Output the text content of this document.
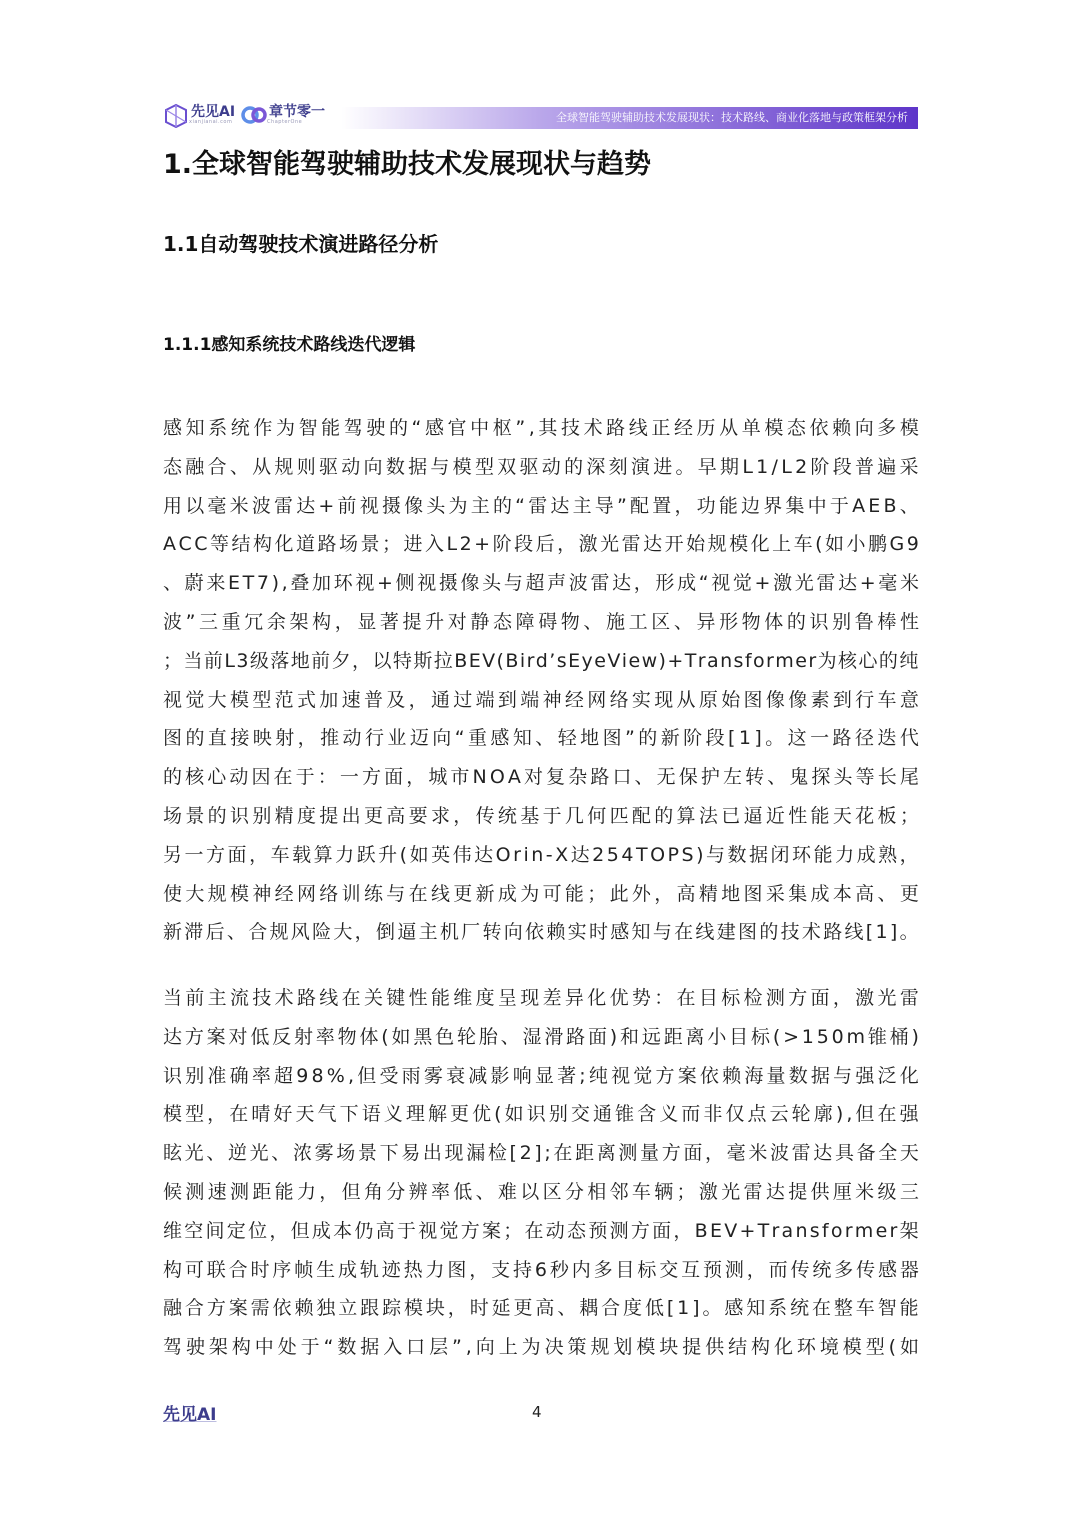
先见AI
xianjianai.com
章节零一
ChapterOne	全球智能驾驶辅助技术发展现状：技术路线、商业化落地与政策框架分析
1.全球智能驾驶辅助技术发展现状与趋势
1.1自动驾驶技术演进路径分析
1.1.1感知系统技术路线迭代逻辑
感 知 系 统 作 为 智 能 驾 驶 的 “ 感 官 中 枢 ” , 其 技 术 路 线 正 经 历 从 单 模 态 依 赖 向 多 模
态 融 合 、 从 规 则 驱 动 向 数 据 与 模 型 双 驱 动 的 深 刻 演 进 。 早 期 L 1 / L 2 阶 段 普 遍 采
用 以 毫 米 波 雷 达 + 前 视 摄 像 头 为 主 的 “ 雷 达 主 导 ” 配 置 ， 功 能 边 界 集 中 于 A E B 、
A C C 等 结 构 化 道 路 场 景 ； 进 入 L 2 + 阶 段 后 ， 激 光 雷 达 开 始 规 模 化 上 车 ( 如 小 鹏 G 9
、 蔚 来 E T 7 ) , 叠 加 环 视 + 侧 视 摄 像 头 与 超 声 波 雷 达 ， 形 成 “ 视 觉 + 激 光 雷 达 + 毫 米
波 ” 三 重 冗 余 架 构 ， 显 著 提 升 对 静 态 障 碍 物 、 施 工 区 、 异 形 物 体 的 识 别 鲁 棒 性
； 当 前 L 3 级 落 地 前 夕 ， 以 特 斯 拉 B E V ( B i r d ’ s E y e V i e w ) + T r a n s f o r m e r 为 核 心 的 纯
视 觉 大 模 型 范 式 加 速 普 及 ， 通 过 端 到 端 神 经 网 络 实 现 从 原 始 图 像 像 素 到 行 车 意
图 的 直 接 映 射 ， 推 动 行 业 迈 向 “ 重 感 知 、 轻 地 图 ” 的 新 阶 段 [ 1 ] 。 这 一 路 径 迭 代
的 核 心 动 因 在 于 ： 一 方 面 ， 城 市 N O A 对 复 杂 路 口 、 无 保 护 左 转 、 鬼 探 头 等 长 尾
场 景 的 识 别 精 度 提 出 更 高 要 求 ， 传 统 基 于 几 何 匹 配 的 算 法 已 逼 近 性 能 天 花 板 ；
另 一 方 面 ， 车 载 算 力 跃 升 ( 如 英 伟 达 O r i n - X 达 2 5 4 T O P S ) 与 数 据 闭 环 能 力 成 熟 ，
使 大 规 模 神 经 网 络 训 练 与 在 线 更 新 成 为 可 能 ； 此 外 ， 高 精 地 图 采 集 成 本 高 、 更
新 滞 后 、 合 规 风 险 大 ， 倒 逼 主 机 厂 转 向 依 赖 实 时 感 知 与 在 线 建 图 的 技 术 路 线 [ 1 ] 。
当 前 主 流 技 术 路 线 在 关 键 性 能 维 度 呈 现 差 异 化 优 势 ： 在 目 标 检 测 方 面 ， 激 光 雷
达 方 案 对 低 反 射 率 物 体 ( 如 黑 色 轮 胎 、 湿 滑 路 面 ) 和 远 距 离 小 目 标 ( > 1 5 0 m 锥 桶 )
识 别 准 确 率 超 9 8 % , 但 受 雨 雾 衰 减 影 响 显 著 ; 纯 视 觉 方 案 依 赖 海 量 数 据 与 强 泛 化
模 型 ， 在 晴 好 天 气 下 语 义 理 解 更 优 ( 如 识 别 交 通 锥 含 义 而 非 仅 点 云 轮 廓 ) , 但 在 强
眩 光 、 逆 光 、 浓 雾 场 景 下 易 出 现 漏 检 [ 2 ] ; 在 距 离 测 量 方 面 ， 毫 米 波 雷 达 具 备 全 天
候 测 速 测 距 能 力 ， 但 角 分 辨 率 低 、 难 以 区 分 相 邻 车 辆 ； 激 光 雷 达 提 供 厘 米 级 三
维 空 间 定 位 ， 但 成 本 仍 高 于 视 觉 方 案 ； 在 动 态 预 测 方 面 ， B E V + T r a n s f o r m e r 架
构 可 联 合 时 序 帧 生 成 轨 迹 热 力 图 ， 支 持 6 秒 内 多 目 标 交 互 预 测 ， 而 传 统 多 传 感 器
融 合 方 案 需 依 赖 独 立 跟 踪 模 块 ， 时 延 更 高 、 耦 合 度 低 [ 1 ] 。 感 知 系 统 在 整 车 智 能
驾 驶 架 构 中 处 于 “ 数 据 入 口 层 ” , 向 上 为 决 策 规 划 模 块 提 供 结 构 化 环 境 模 型 ( 如
先见AI	4
